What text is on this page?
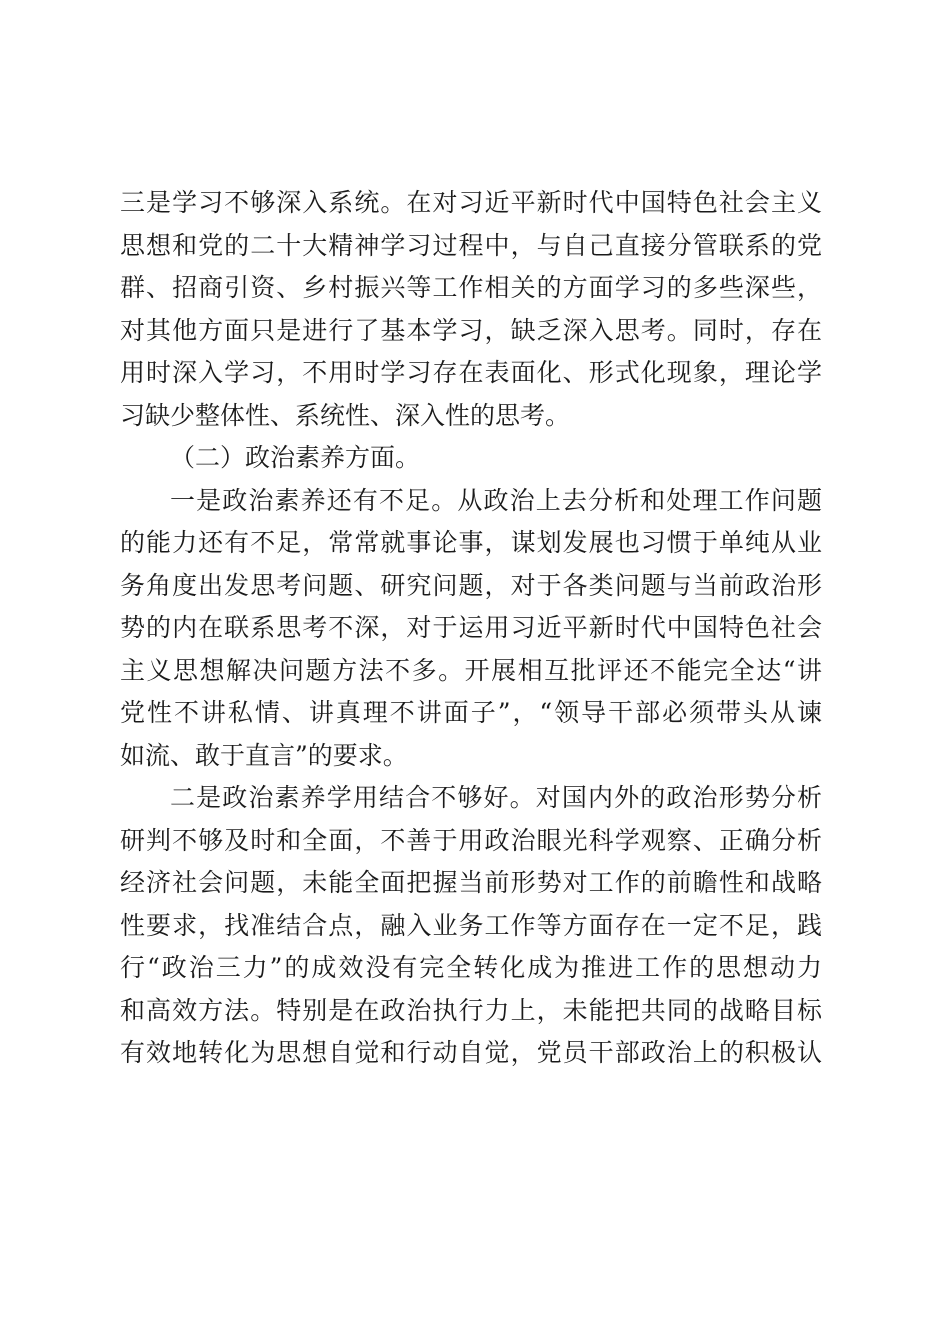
三是学习不够深入系统。在对习近平新时代中国特色社会主义
思想和党的二十大精神学习过程中，与自己直接分管联系的党
群、招商引资、乡村振兴等工作相关的方面学习的多些深些，
对其他方面只是进行了基本学习，缺乏深入思考。同时，存在
用时深入学习，不用时学习存在表面化、形式化现象，理论学
习缺少整体性、系统性、深入性的思考。
（二）政治素养方面。
一是政治素养还有不足。从政治上去分析和处理工作问题
的能力还有不足，常常就事论事，谋划发展也习惯于单纯从业
务角度出发思考问题、研究问题，对于各类问题与当前政治形
势的内在联系思考不深，对于运用习近平新时代中国特色社会
主义思想解决问题方法不多。开展相互批评还不能完全达“讲
党性不讲私情、讲真理不讲面子”，“领导干部必须带头从谏
如流、敢于直言”的要求。
二是政治素养学用结合不够好。对国内外的政治形势分析
研判不够及时和全面，不善于用政治眼光科学观察、正确分析
经济社会问题，未能全面把握当前形势对工作的前瞻性和战略
性要求，找准结合点，融入业务工作等方面存在一定不足，践
行“政治三力”的成效没有完全转化成为推进工作的思想动力
和高效方法。特别是在政治执行力上，未能把共同的战略目标
有效地转化为思想自觉和行动自觉，党员干部政治上的积极认
